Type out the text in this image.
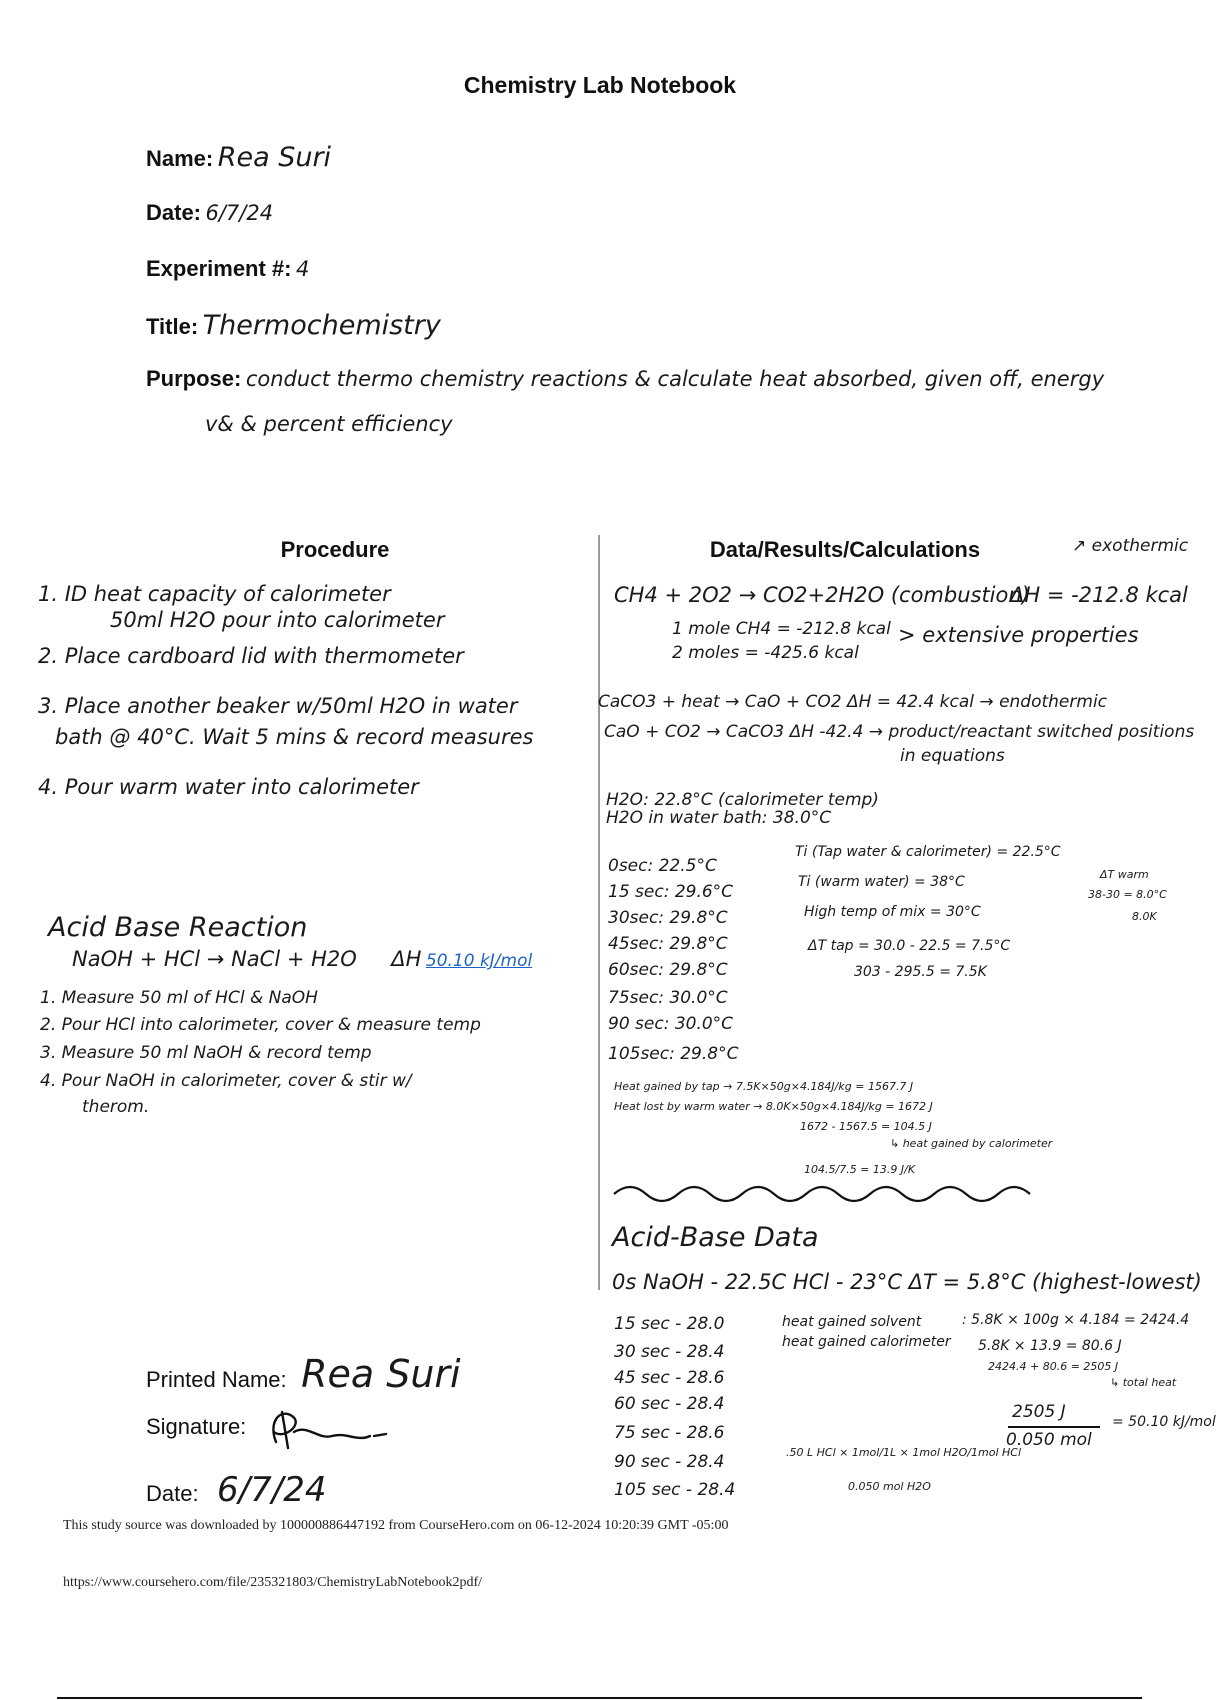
Chemistry Lab Notebook
Name: Rea Suri
Date: 6/7/24
Experiment #: 4
Title: Thermochemistry
Purpose: conduct thermo chemistry reactions & calculate heat absorbed, given off, energy
v& & percent efficiency
Procedure	Data/Results/Calculations	↗ exothermic
1. ID heat capacity of calorimeter
50ml H2O pour into calorimeter
2. Place cardboard lid with thermometer
3. Place another beaker w/50ml H2O in water
bath @ 40°C. Wait 5 mins & record measures
4. Pour warm water into calorimeter
Acid Base Reaction
NaOH + HCl → NaCl + H2O ΔH 50.10 kJ/mol
1. Measure 50 ml of HCl & NaOH
2. Pour HCl into calorimeter, cover & measure temp
3. Measure 50 ml NaOH & record temp
4. Pour NaOH in calorimeter, cover & stir w/
therom.
CH4 + 2O2 → CO2+2H2O (combustion)
ΔH = -212.8 kcal
1 mole CH4 = -212.8 kcal
2 moles = -425.6 kcal
> extensive properties
CaCO3 + heat → CaO + CO2 ΔH = 42.4 kcal → endothermic
CaO + CO2 → CaCO3 ΔH -42.4 → product/reactant switched positions
in equations
H2O: 22.8°C (calorimeter temp)
H2O in water bath: 38.0°C
0sec: 22.5°C
15 sec: 29.6°C
30sec: 29.8°C
45sec: 29.8°C
60sec: 29.8°C
75sec: 30.0°C
90 sec: 30.0°C
105sec: 29.8°C
Ti (Tap water & calorimeter) = 22.5°C
Ti (warm water) = 38°C
High temp of mix = 30°C
ΔT tap = 30.0 - 22.5 = 7.5°C
303 - 295.5 = 7.5K
ΔT warm
38-30 = 8.0°C
8.0K
Heat gained by tap → 7.5K×50g×4.184J/kg = 1567.7 J
Heat lost by warm water → 8.0K×50g×4.184J/kg = 1672 J
1672 - 1567.5 = 104.5 J
↳ heat gained by calorimeter
104.5/7.5 = 13.9 J/K
Acid-Base Data
0s NaOH - 22.5C HCl - 23°C ΔT = 5.8°C (highest-lowest)
15 sec - 28.0
30 sec - 28.4
45 sec - 28.6
60 sec - 28.4
75 sec - 28.6
90 sec - 28.4
105 sec - 28.4
heat gained solvent	: 5.8K × 100g × 4.184 = 2424.4
heat gained calorimeter 5.8K × 13.9 = 80.6 J
2424.4 + 80.6 = 2505 J
↳ total heat
2505 J
0.050 mol
= 50.10 kJ/mol
.50 L HCl × 1mol/1L × 1mol H2O/1mol HCl
0.050 mol H2O
Printed Name: Rea Suri
Signature:
Date: 6/7/24
This study source was downloaded by 100000886447192 from CourseHero.com on 06-12-2024 10:20:39 GMT -05:00
https://www.coursehero.com/file/235321803/ChemistryLabNotebook2pdf/
